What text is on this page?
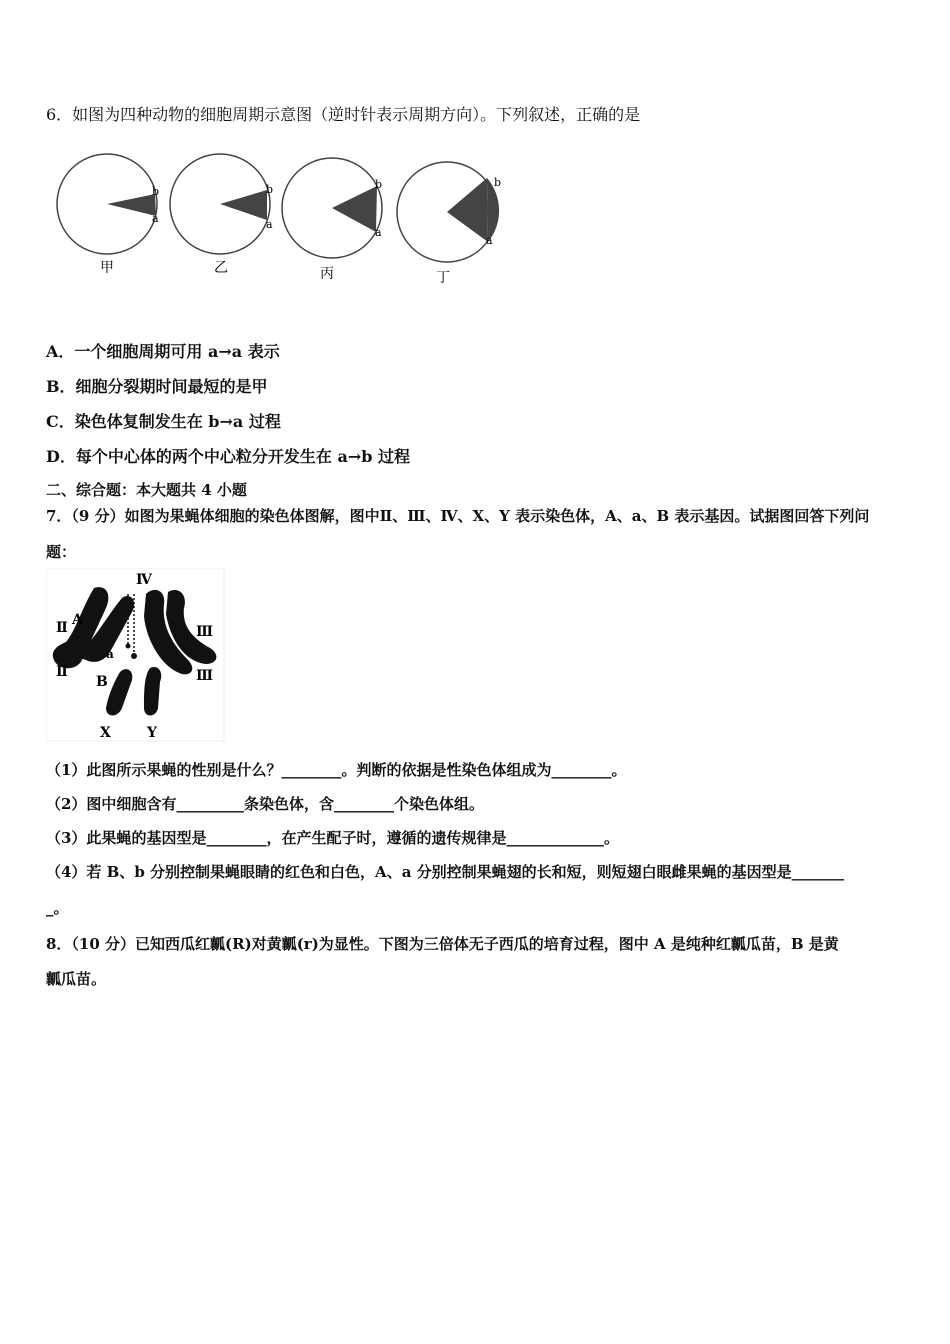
6．如图为四种动物的细胞周期示意图（逆时针表示周期方向）。下列叙述，正确的是
b
a
甲
b
a
乙
b
a
丙
b
a
丁
A．一个细胞周期可用 a→a 表示
B．细胞分裂期时间最短的是甲
C．染色体复制发生在 b→a 过程
D．每个中心体的两个中心粒分开发生在 a→b 过程
二、综合题：本大题共 4 小题
7．（9 分）如图为果蝇体细胞的染色体图解，图中Ⅱ、Ⅲ、Ⅳ、X、Y 表示染色体，A、a、B 表示基因。试据图回答下列问
题：
Ⅳ
Ⅱ A
a
Ⅱ
Ⅲ
Ⅲ
B
X	Y
（1）此图所示果蝇的性别是什么？________。判断的依据是性染色体组成为________。
（2）图中细胞含有_________条染色体，含________个染色体组。
（3）此果蝇的基因型是________，在产生配子时，遵循的遗传规律是_____________。
（4）若 B、b 分别控制果蝇眼睛的红色和白色，A、a 分别控制果蝇翅的长和短，则短翅白眼雌果蝇的基因型是_______
_。
8．（10 分）已知西瓜红瓤(R)对黄瓤(r)为显性。下图为三倍体无子西瓜的培育过程，图中 A 是纯种红瓤瓜苗，B 是黄
瓤瓜苗。
